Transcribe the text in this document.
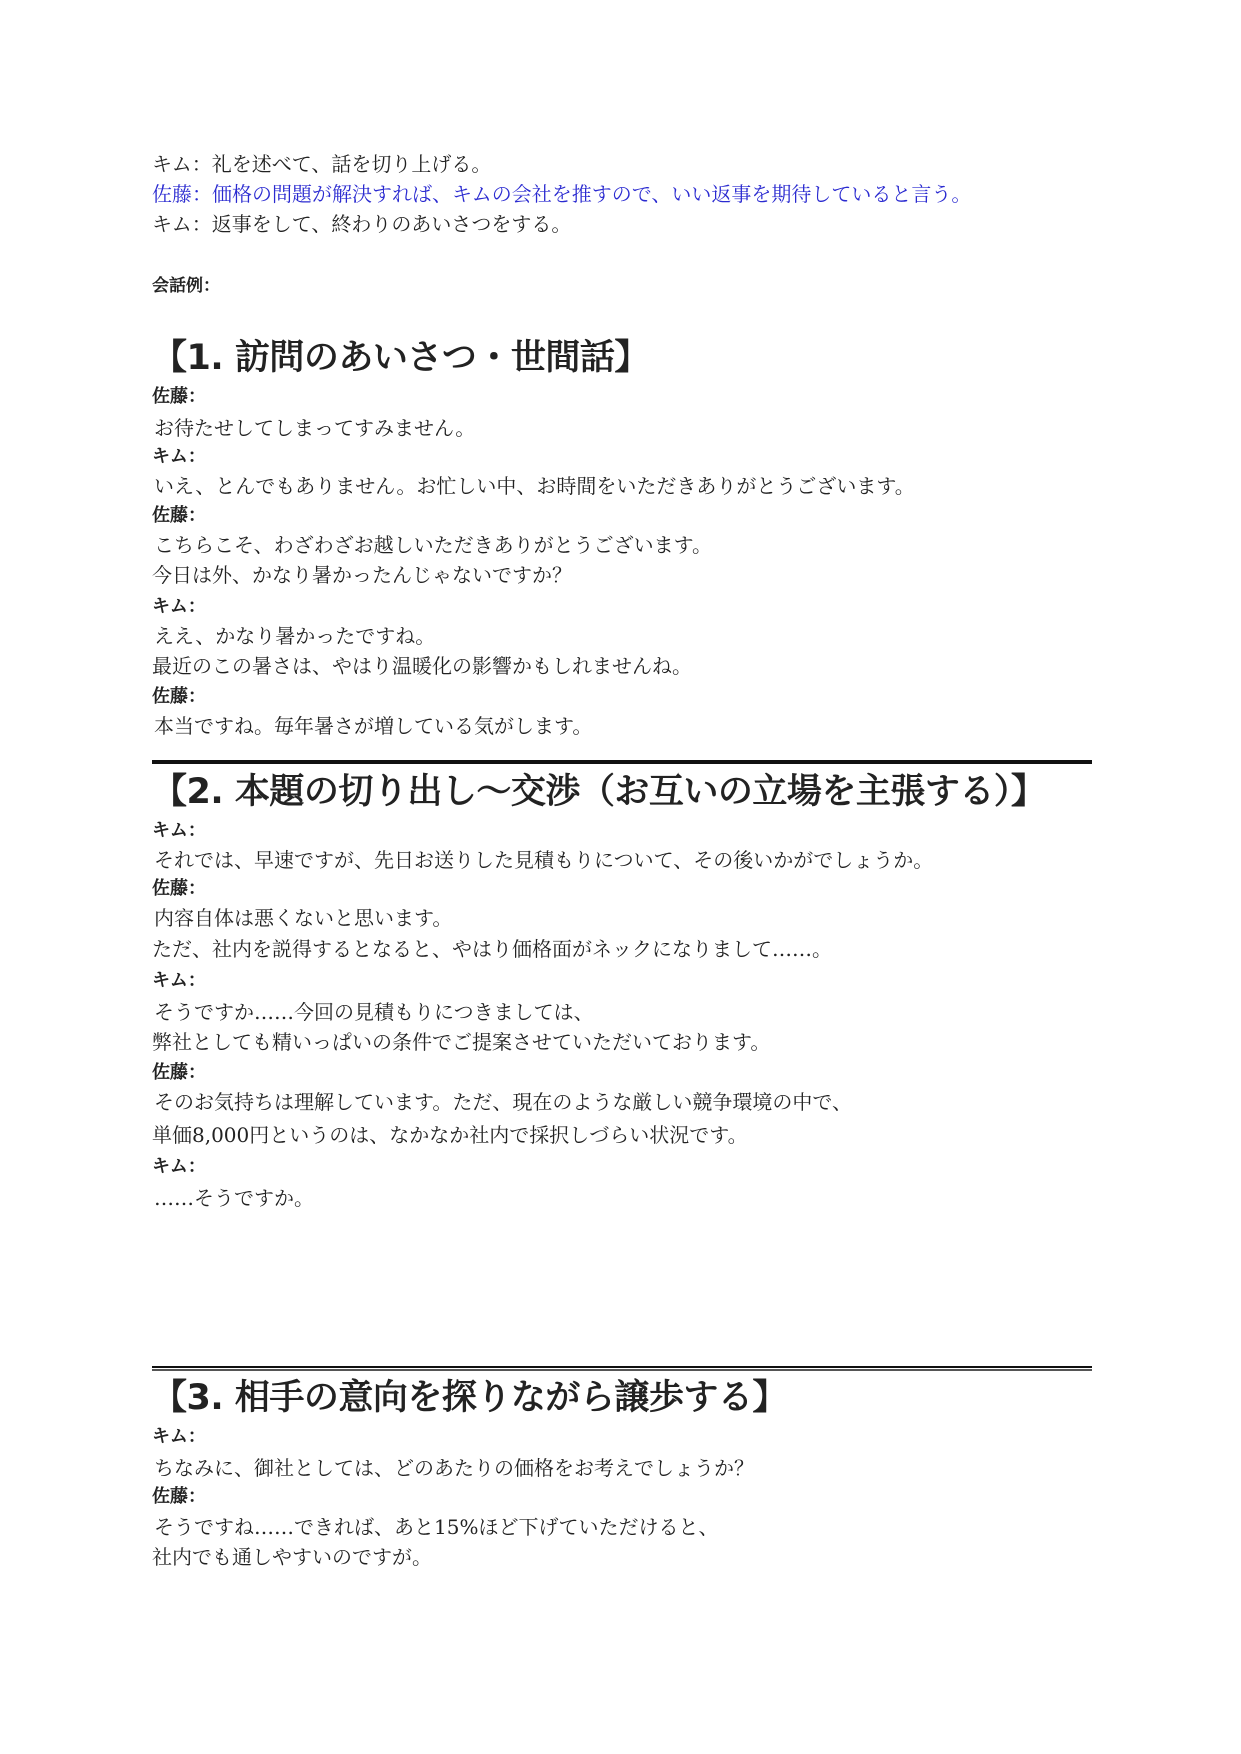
キム：礼を述べて、話を切り上げる。
佐藤：価格の問題が解決すれば、キムの会社を推すので、いい返事を期待していると言う。
キム：返事をして、終わりのあいさつをする。
会話例：
【1. 訪問のあいさつ・世間話】
佐藤：
お待たせしてしまってすみません。
キム：
いえ、とんでもありません。お忙しい中、お時間をいただきありがとうございます。
佐藤：
こちらこそ、わざわざお越しいただきありがとうございます。
今日は外、かなり暑かったんじゃないですか？
キム：
ええ、かなり暑かったですね。
最近のこの暑さは、やはり温暖化の影響かもしれませんね。
佐藤：
本当ですね。毎年暑さが増している気がします。
【2. 本題の切り出し〜交渉（お互いの立場を主張する）】
キム：
それでは、早速ですが、先日お送りした見積もりについて、その後いかがでしょうか。
佐藤：
内容自体は悪くないと思います。
ただ、社内を説得するとなると、やはり価格面がネックになりまして……。
キム：
そうですか……今回の見積もりにつきましては、
弊社としても精いっぱいの条件でご提案させていただいております。
佐藤：
そのお気持ちは理解しています。ただ、現在のような厳しい競争環境の中で、
単価8,000円というのは、なかなか社内で採択しづらい状況です。
キム：
……そうですか。
【3. 相手の意向を探りながら譲歩する】
キム：
ちなみに、御社としては、どのあたりの価格をお考えでしょうか？
佐藤：
そうですね……できれば、あと15%ほど下げていただけると、
社内でも通しやすいのですが。
